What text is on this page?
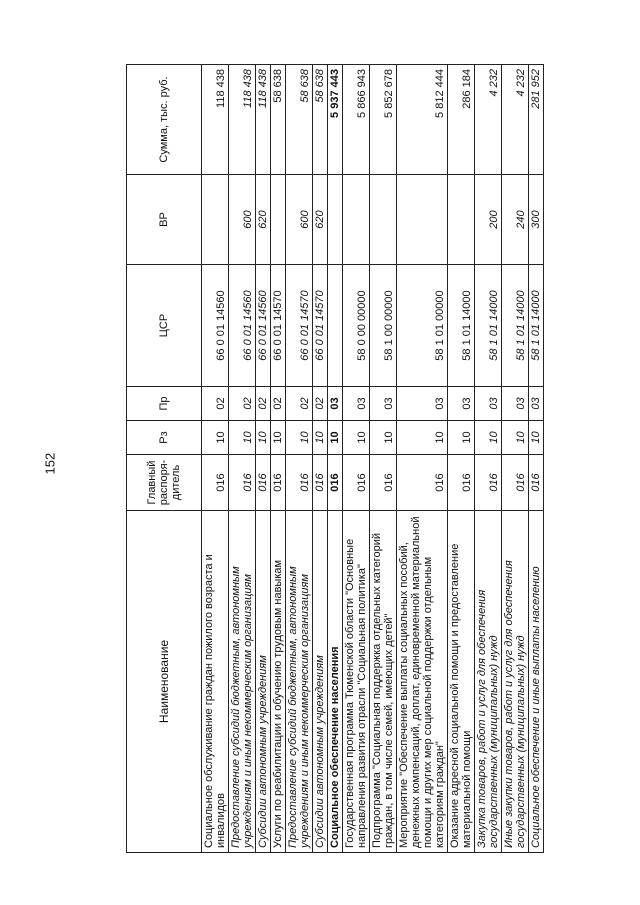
152
Наименование	Главный распоря-дитель	Рз	Пр	ЦСР	ВР	Сумма, тыс. руб.
Социальное обслуживание граждан пожилого возраста и инвалидов	016	10	02	66 0 01 14560		118 438
Предоставление субсидий бюджетным, автономным учреждениям и иным некоммерческим организациям	016	10	02	66 0 01 14560	600	118 438
Субсидии автономным учреждениям	016	10	02	66 0 01 14560	620	118 438
Услуги по реабилитации и обучению трудовым навыкам	016	10	02	66 0 01 14570		58 638
Предоставление субсидий бюджетным, автономным учреждениям и иным некоммерческим организациям	016	10	02	66 0 01 14570	600	58 638
Субсидии автономным учреждениям	016	10	02	66 0 01 14570	620	58 638
Социальное обеспечение населения	016	10	03			5 937 443
Государственная программа Тюменской области "Основные направления развития отрасли "Социальная политика"	016	10	03	58 0 00 00000		5 866 943
Подпрограмма "Социальная поддержка отдельных категорий граждан, в том числе семей, имеющих детей"	016	10	03	58 1 00 00000		5 852 678
Мероприятие "Обеспечение выплаты социальных пособий, денежных компенсаций, доплат, единовременной материальной помощи и других мер социальной поддержки отдельным категориям граждан"	016	10	03	58 1 01 00000		5 812 444
Оказание адресной социальной помощи и предоставление материальной помощи	016	10	03	58 1 01 14000		286 184
Закупка товаров, работ и услуг для обеспечения государственных (муниципальных) нужд	016	10	03	58 1 01 14000	200	4 232
Иные закупки товаров, работ и услуг для обеспечения государственных (муниципальных) нужд	016	10	03	58 1 01 14000	240	4 232
Социальное обеспечение и иные выплаты населению	016	10	03	58 1 01 14000	300	281 952
